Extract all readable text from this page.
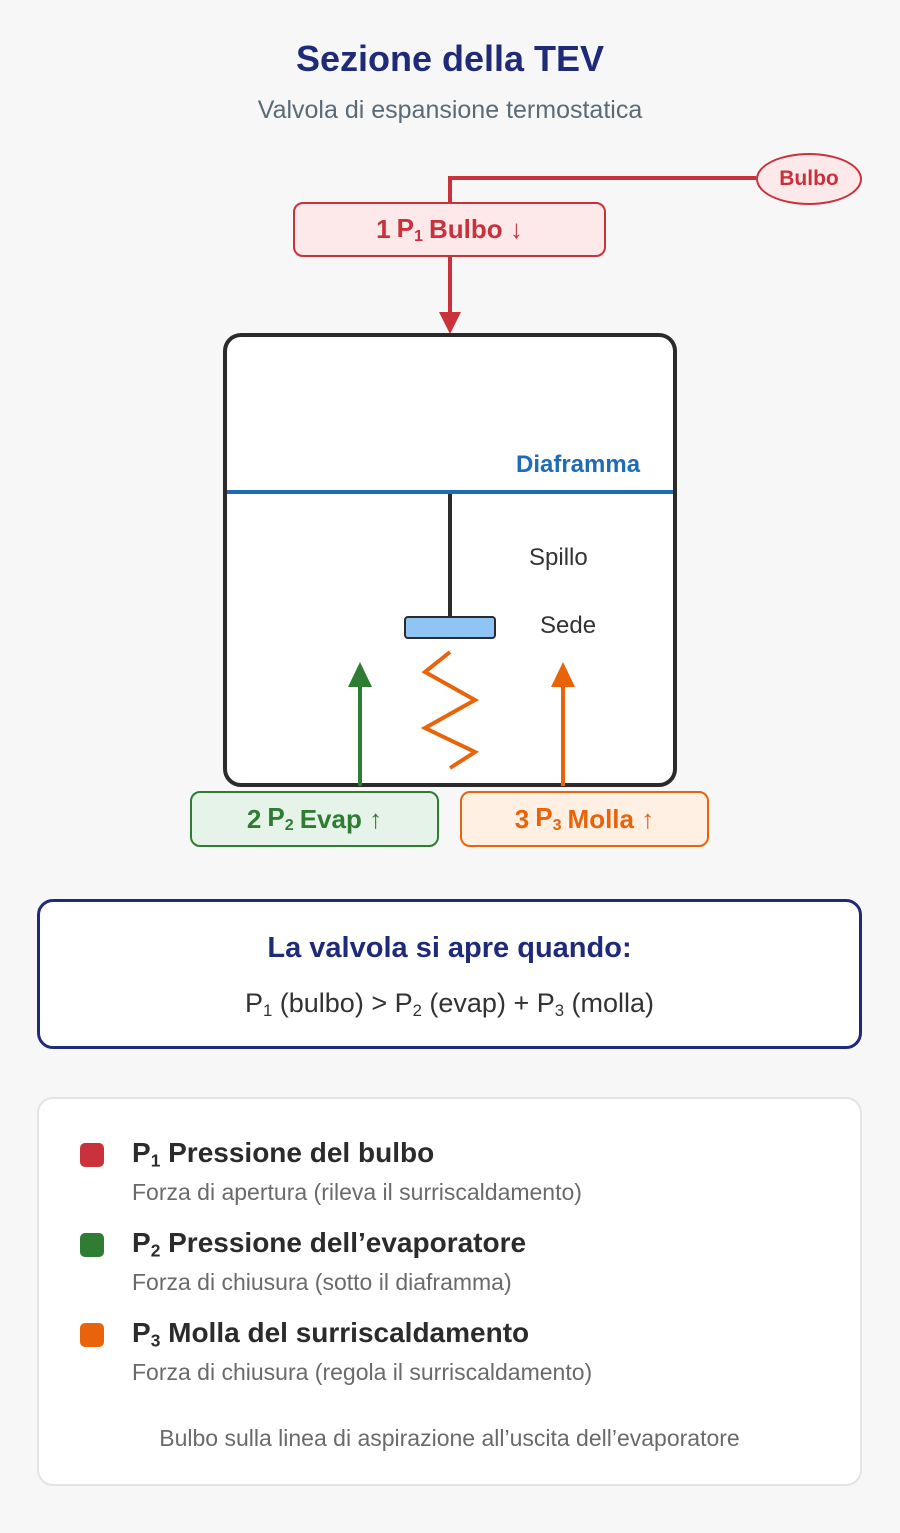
Sezione della TEV
Valvola di espansione termostatica
Bulbo
1 $P_1$ Bulbo ↓
Diaframma
Spillo
Sede
2 $P_2$ Evap ↑	3 $P_3$ Molla ↑
La valvola si apre quando:
$P_1$ (bulbo) > $P_2$ (evap) + $P_3$ (molla)
$P_1$ Pressione del bulbo
Forza di apertura (rileva il surriscaldamento)
$P_2$ Pressione dell’evaporatore
Forza di chiusura (sotto il diaframma)
$P_3$ Molla del surriscaldamento
Forza di chiusura (regola il surriscaldamento)
Bulbo sulla linea di aspirazione all’uscita dell’evaporatore
